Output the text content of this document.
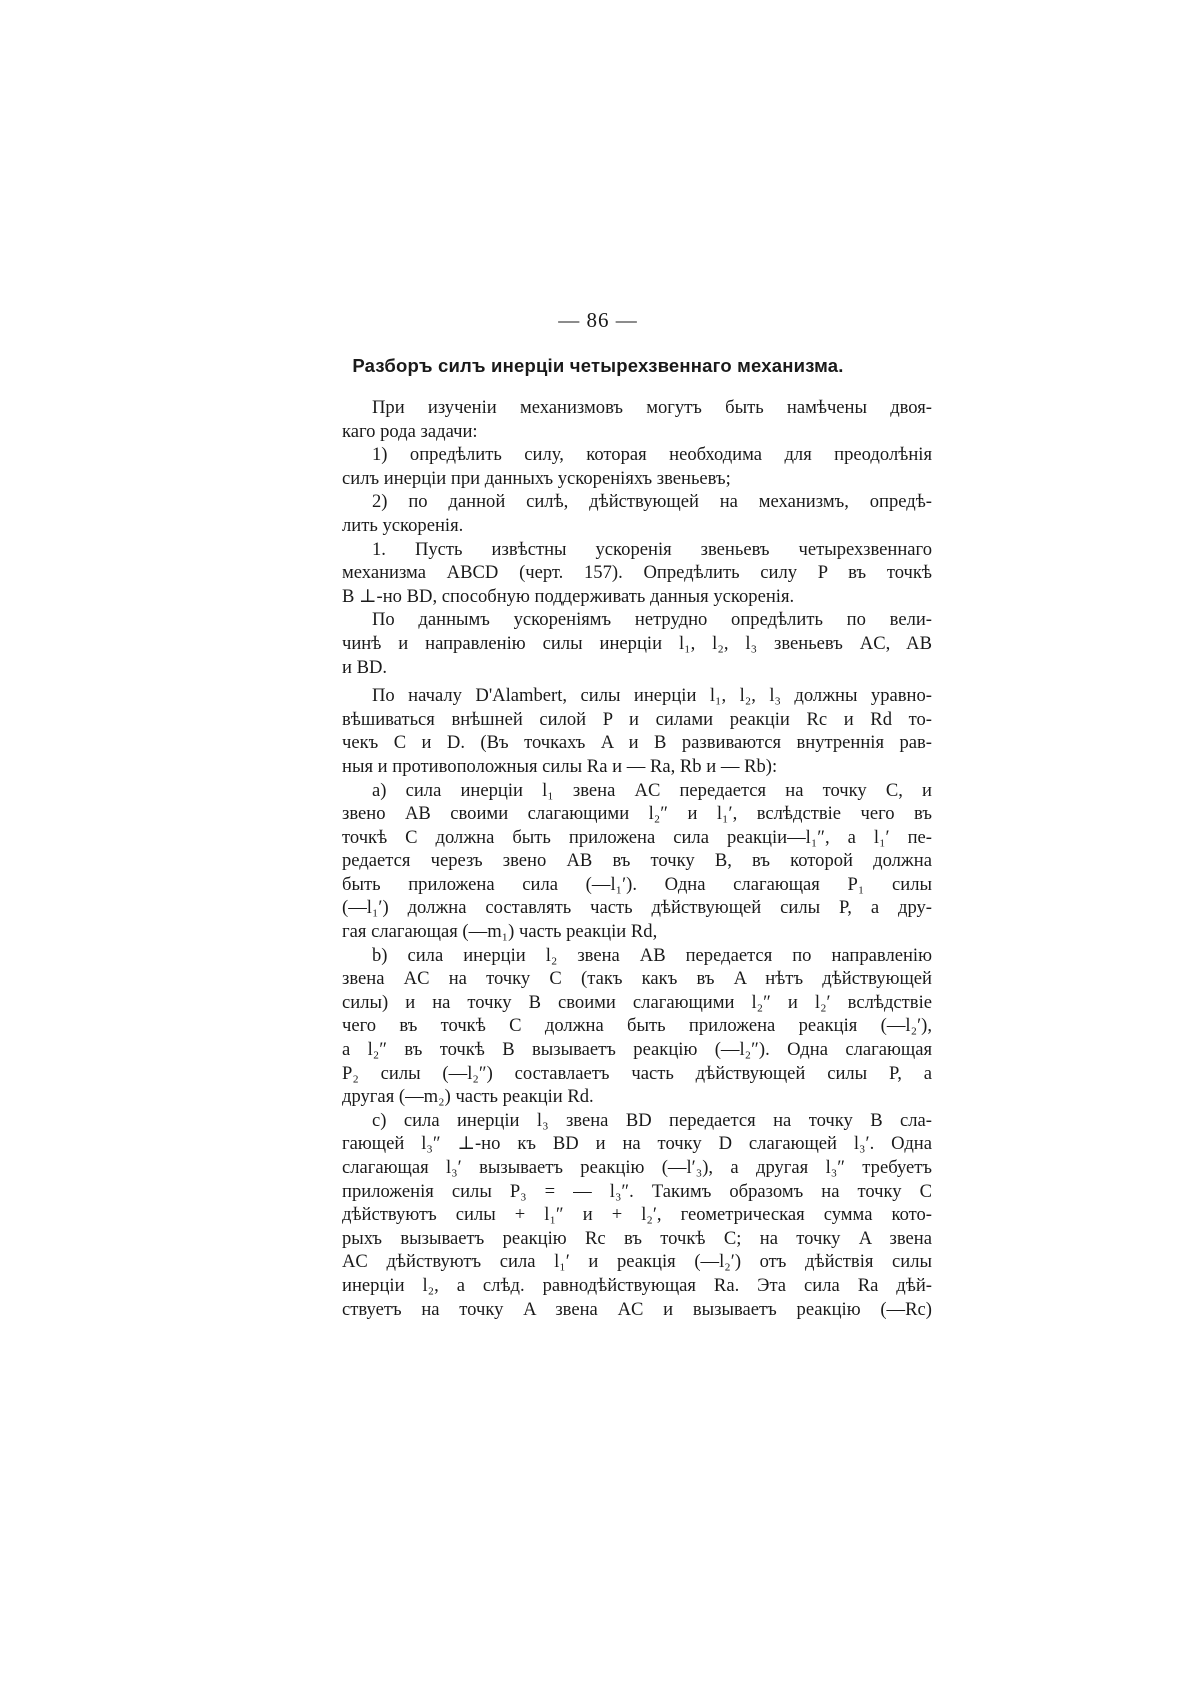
— 86 —
Разборъ силъ инерціи четырехзвеннаго механизма.
При изученіи механизмовъ могутъ быть намѣчены двоя-
каго рода задачи:
1) опредѣлить силу, которая необходима для преодолѣнія
силъ инерціи при данныхъ ускореніяхъ звеньевъ;
2) по данной силѣ, дѣйствующей на механизмъ, опредѣ-
лить ускоренія.
1. Пусть извѣстны ускоренія звеньевъ четырехзвеннаго
механизма ABCD (черт. 157). Опредѣлить силу P въ точкѣ
B ⊥-но BD, способную поддерживать данныя ускоренія.
По даннымъ ускореніямъ нетрудно опредѣлить по вели-
чинѣ и направленію силы инерціи l₁, l₂, l₃ звеньевъ AC, AB
и BD.
По началу D'Alambert, силы инерціи l₁, l₂, l₃ должны уравно-
вѣшиваться внѣшней силой P и силами реакціи Rc и Rd то-
чекъ C и D. (Въ точкахъ A и B развиваются внутреннія рав-
ныя и противоположныя силы Ra и — Ra, Rb и — Rb):
a) сила инерціи l₁ звена AC передается на точку C, и
звено AB своими слагающими l₂″ и l₁′, вслѣдствіе чего въ
точкѣ C должна быть приложена сила реакціи—l₁″, а l₁′ пе-
редается черезъ звено AB въ точку B, въ которой должна
быть приложена сила (—l₁′). Одна слагающая P₁ силы
(—l₁′) должна составлять часть дѣйствующей силы P, а дру-
гая слагающая (—m₁) часть реакціи Rd,
b) сила инерціи l₂ звена AB передается по направленію
звена AC на точку C (такъ какъ въ A нѣтъ дѣйствующей
силы) и на точку B своими слагающими l₂″ и l₂′ вслѣдствіе
чего въ точкѣ C должна быть приложена реакція (—l₂′),
а l₂″ въ точкѣ B вызываетъ реакцію (—l₂″). Одна слагающая
P₂ силы (—l₂″) составлаетъ часть дѣйствующей силы P, а
другая (—m₂) часть реакціи Rd.
c) сила инерціи l₃ звена BD передается на точку B сла-
гающей l₃″ ⊥-но къ BD и на точку D слагающей l₃′. Одна
слагающая l₃′ вызываетъ реакцію (—l′₃), а другая l₃″ требуетъ
приложенія силы P₃ = — l₃″. Такимъ образомъ на точку C
дѣйствуютъ силы + l₁″ и + l₂′, геометрическая сумма кото-
рыхъ вызываетъ реакцію Rc въ точкѣ C; на точку A звена
AC дѣйствуютъ сила l₁′ и реакція (—l₂′) отъ дѣйствія силы
инерціи l₂, а слѣд. равнодѣйствующая Ra. Эта сила Ra дѣй-
ствуетъ на точку A звена AC и вызываетъ реакцію (—Rc)
